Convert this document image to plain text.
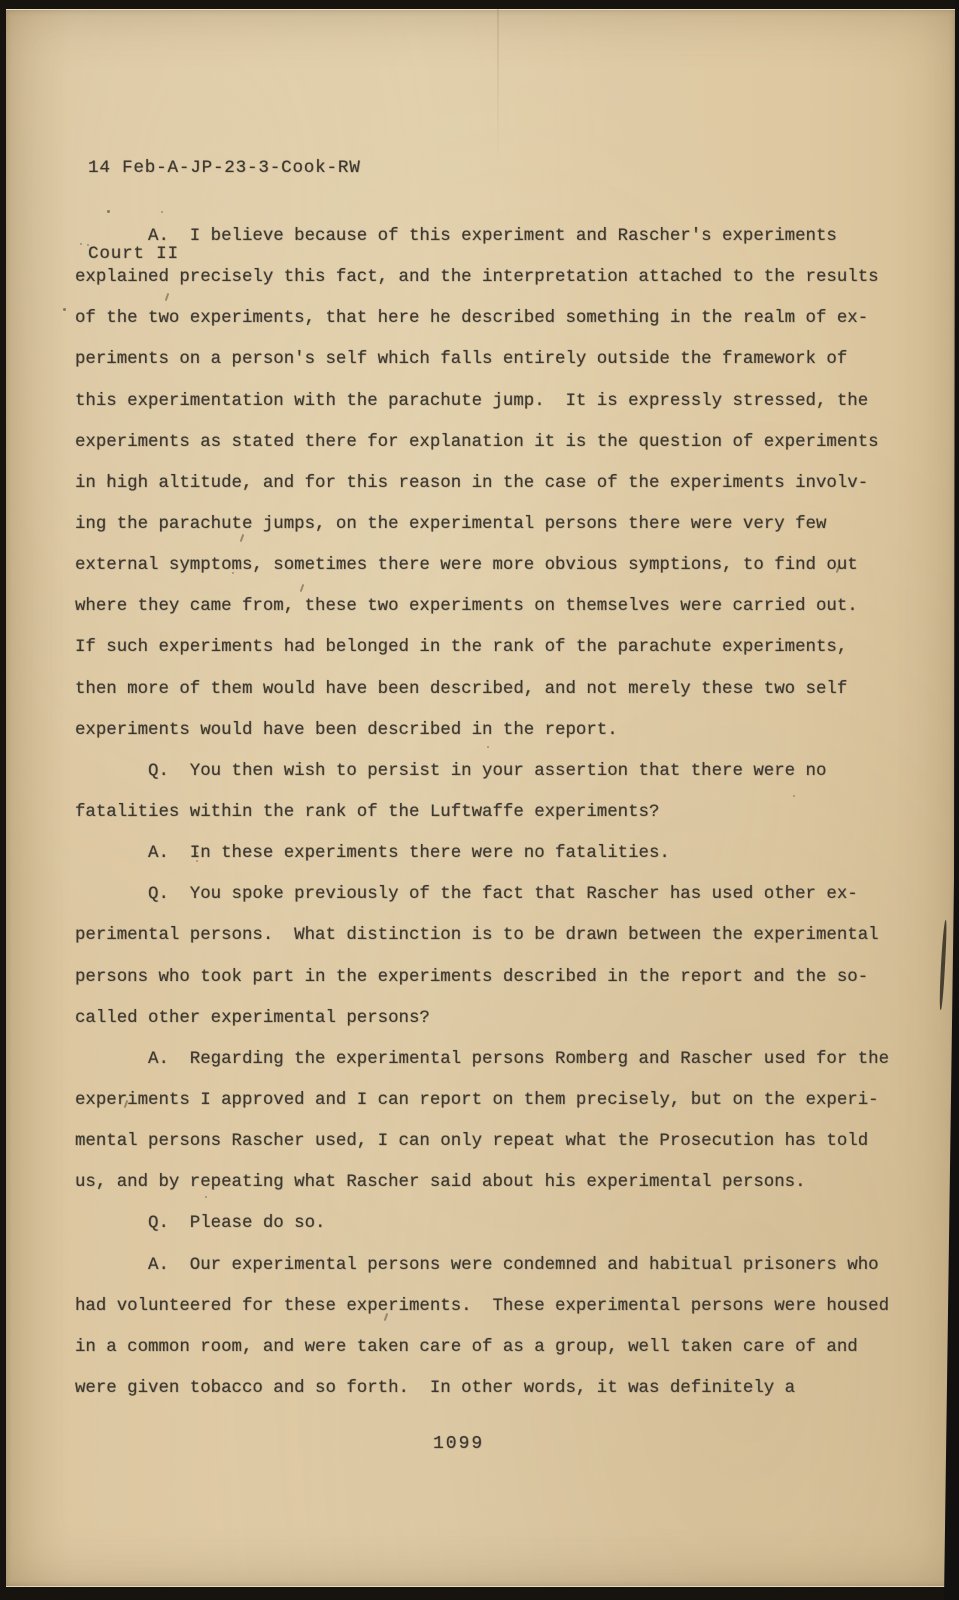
14 Feb-A-JP-23-3-Cook-RW

Court II

A.  I believe because of this experiment and Rascher's experiments
explained precisely this fact, and the interpretation attached to the results
of the two experiments, that here he described something in the realm of ex-
periments on a person's self which falls entirely outside the framework of
this experimentation with the parachute jump.  It is expressly stressed, the
experiments as stated there for explanation it is the question of experiments
in high altitude, and for this reason in the case of the experiments involv-
ing the parachute jumps, on the experimental persons there were very few
external symptoms, sometimes there were more obvious symptions, to find out
where they came from, these two experiments on themselves were carried out.
If such experiments had belonged in the rank of the parachute experiments,
then more of them would have been described, and not merely these two self
experiments would have been described in the report.
Q.  You then wish to persist in your assertion that there were no
fatalities within the rank of the Luftwaffe experiments?
A.  In these experiments there were no fatalities.
Q.  You spoke previously of the fact that Rascher has used other ex-
perimental persons.  What distinction is to be drawn between the experimental
persons who took part in the experiments described in the report and the so-
called other experimental persons?
A.  Regarding the experimental persons Romberg and Rascher used for the
experiments I approved and I can report on them precisely, but on the experi-
mental persons Rascher used, I can only repeat what the Prosecution has told
us, and by repeating what Rascher said about his experimental persons.
Q.  Please do so.
A.  Our experimental persons were condemned and habitual prisoners who
had volunteered for these experiments.  These experimental persons were housed
in a common room, and were taken care of as a group, well taken care of and
were given tobacco and so forth.  In other words, it was definitely a
1099
